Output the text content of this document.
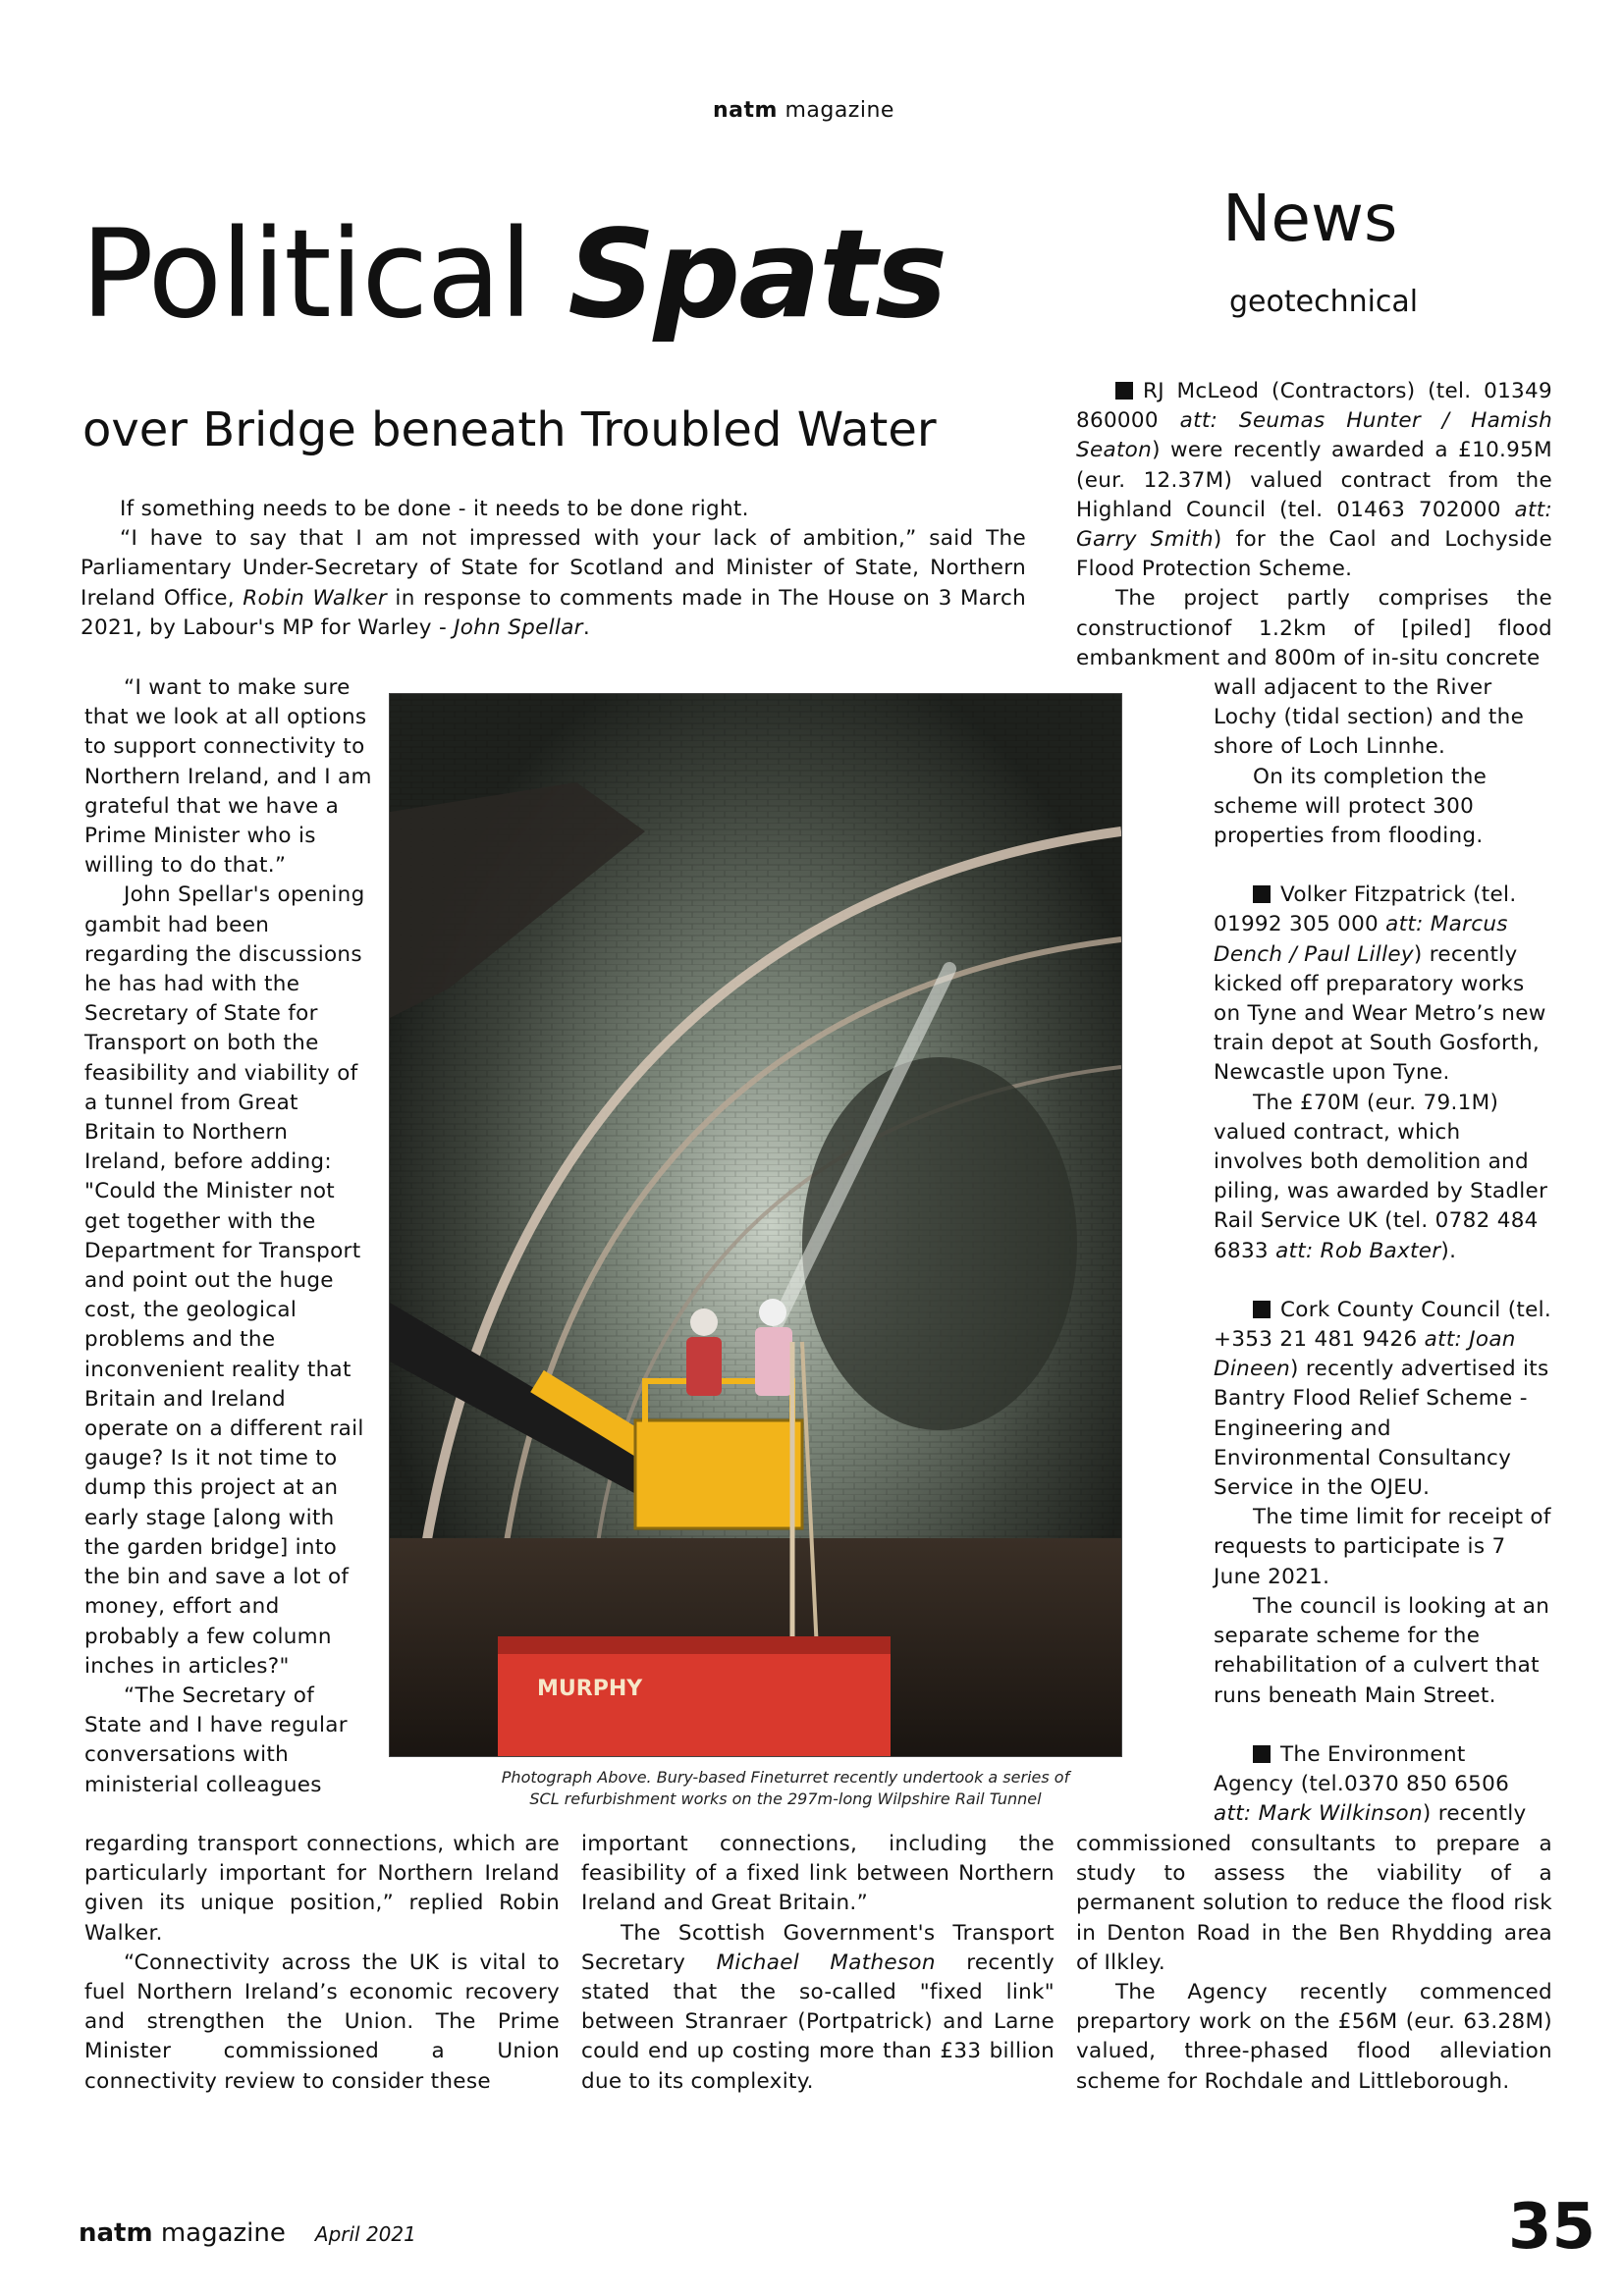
natm magazine
Political Spats
over Bridge beneath Troubled Water
News
geotechnical

If something needs to be done - it needs to be done right.

“I have to say that I am not impressed with your lack of ambition,” said The Parliamentary Under-Secretary of State for Scotland and Minister of State, Northern Ireland Office, Robin Walker in response to comments made in The House on 3 March 2021, by Labour's MP for Warley - John Spellar.

“I want to make sure that we look at all options to support connectivity to Northern Ireland, and I am grateful that we have a Prime Minister who is willing to do that.”

John Spellar's opening gambit had been regarding the discussions he has had with the Secretary of State for Transport on both the feasibility and viability of a tunnel from Great Britain to Northern Ireland, before adding: "Could the Minister not get together with the Department for Transport and point out the huge cost, the geological problems and the inconvenient reality that Britain and Ireland operate on a different rail gauge? Is it not time to dump this project at an early stage [along with the garden bridge] into the bin and save a lot of money, effort and probably a few column inches in articles?"

“The Secretary of State and I have regular conversations with ministerial colleagues

regarding transport connections, which are particularly important for Northern Ireland given its unique position,” replied Robin Walker.

“Connectivity across the UK is vital to fuel Northern Ireland’s economic recovery and strengthen the Union. The Prime Minister commissioned a Union connectivity review to consider these

important connections, including the feasibility of a fixed link between Northern Ireland and Great Britain.”

The Scottish Government's Transport Secretary Michael Matheson recently stated that the so-called "fixed link" between Stranraer (Portpatrick) and Larne could end up costing more than £33 billion due to its complexity.

MURPHY
Photograph Above. Bury-based Fineturret recently undertook a series of
SCL refurbishment works on the 297m-long Wilpshire Rail Tunnel

RJ McLeod (Contractors) (tel. 01349 860000 att: Seumas Hunter / Hamish Seaton) were recently awarded a £10.95M (eur. 12.37M) valued contract from the Highland Council (tel. 01463 702000 att: Garry Smith) for the Caol and Lochyside Flood Protection Scheme.

The project partly comprises the constructionof 1.2km of [piled] flood embankment and 800m of in-situ concrete

wall adjacent to the River Lochy (tidal section) and the shore of Loch Linnhe.

On its completion the scheme will protect 300 properties from flooding.

Volker Fitzpatrick (tel. 01992 305 000 att: Marcus Dench / Paul Lilley) recently kicked off preparatory works on Tyne and Wear Metro’s new train depot at South Gosforth, Newcastle upon Tyne.

The £70M (eur. 79.1M) valued contract, which involves both demolition and piling, was awarded by Stadler Rail Service UK (tel. 0782 484 6833 att: Rob Baxter).

Cork County Council (tel. +353 21 481 9426 att: Joan Dineen) recently advertised its Bantry Flood Relief Scheme - Engineering and Environmental Consultancy Service in the OJEU.

The time limit for receipt of requests to participate is 7 June 2021.

The council is looking at an separate scheme for the rehabilitation of a culvert that runs beneath Main Street.

The Environment Agency (tel.0370 850 6506 att: Mark Wilkinson) recently

commissioned consultants to prepare a study to assess the viability of a permanent solution to reduce the flood risk in Denton Road in the Ben Rhydding area of Ilkley.

The Agency recently commenced prepartory work on the £56M (eur. 63.28M) valued, three-phased flood alleviation scheme for Rochdale and Littleborough.

natm magazine April 2021	35
